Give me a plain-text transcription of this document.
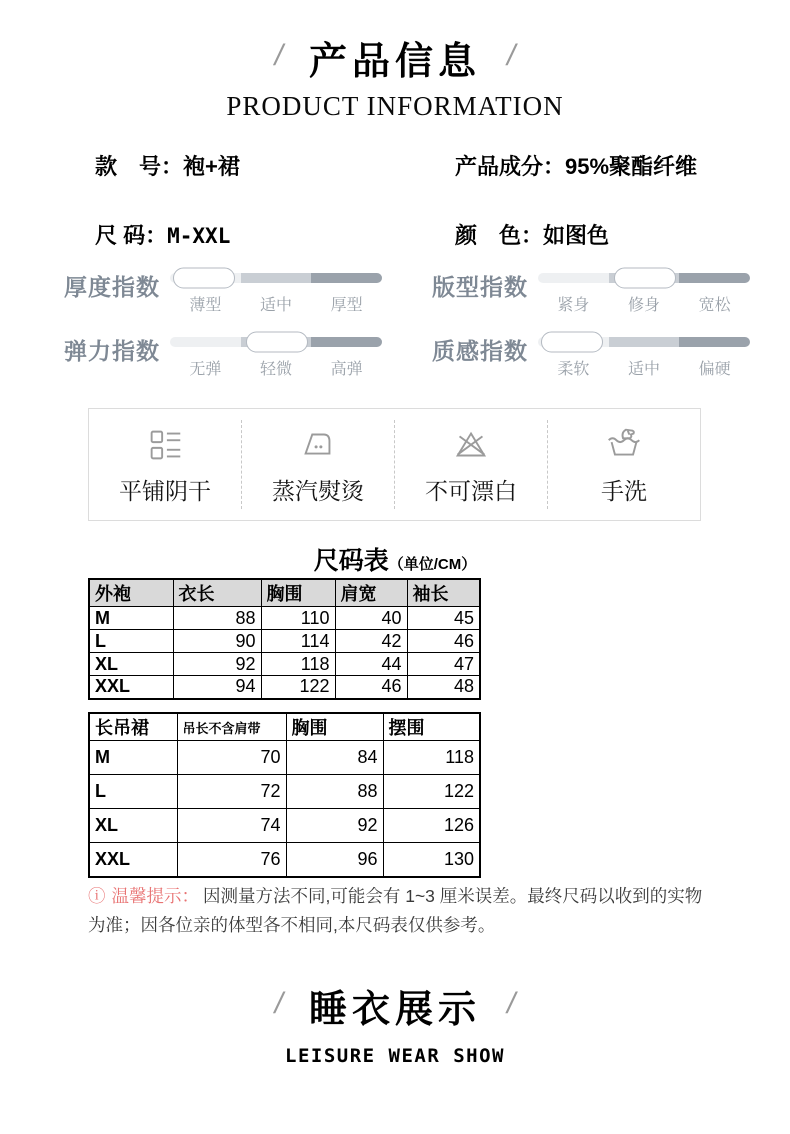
/ 产品信息 /
PRODUCT INFORMATION
款　号：袍+裙	产品成分：95%聚酯纤维
尺 码：M-XXL	颜　色：如图色
厚度指数
薄型	适中	厚型
版型指数
紧身	修身	宽松
弹力指数
无弹	轻微	高弹
质感指数
柔软	适中	偏硬
平铺阴干	蒸汽熨烫	不可漂白	手洗
尺码表（单位/CM）
外袍	衣长	胸围	肩宽	袖长
M	88	110	40	45
L	90	114	42	46
XL	92	118	44	47
XXL	94	122	46	48
长吊裙	吊长不含肩带	胸围	摆围
M	70	84	118
L	72	88	122
XL	74	92	126
XXL	76	96	130

ⓘ 温馨提示： 因测量方法不同,可能会有 1~3 厘米误差。最终尺码以收到的实物为准；因各位亲的体型各不相同,本尺码表仅供参考。

/ 睡衣展示 /
LEISURE WEAR SHOW
